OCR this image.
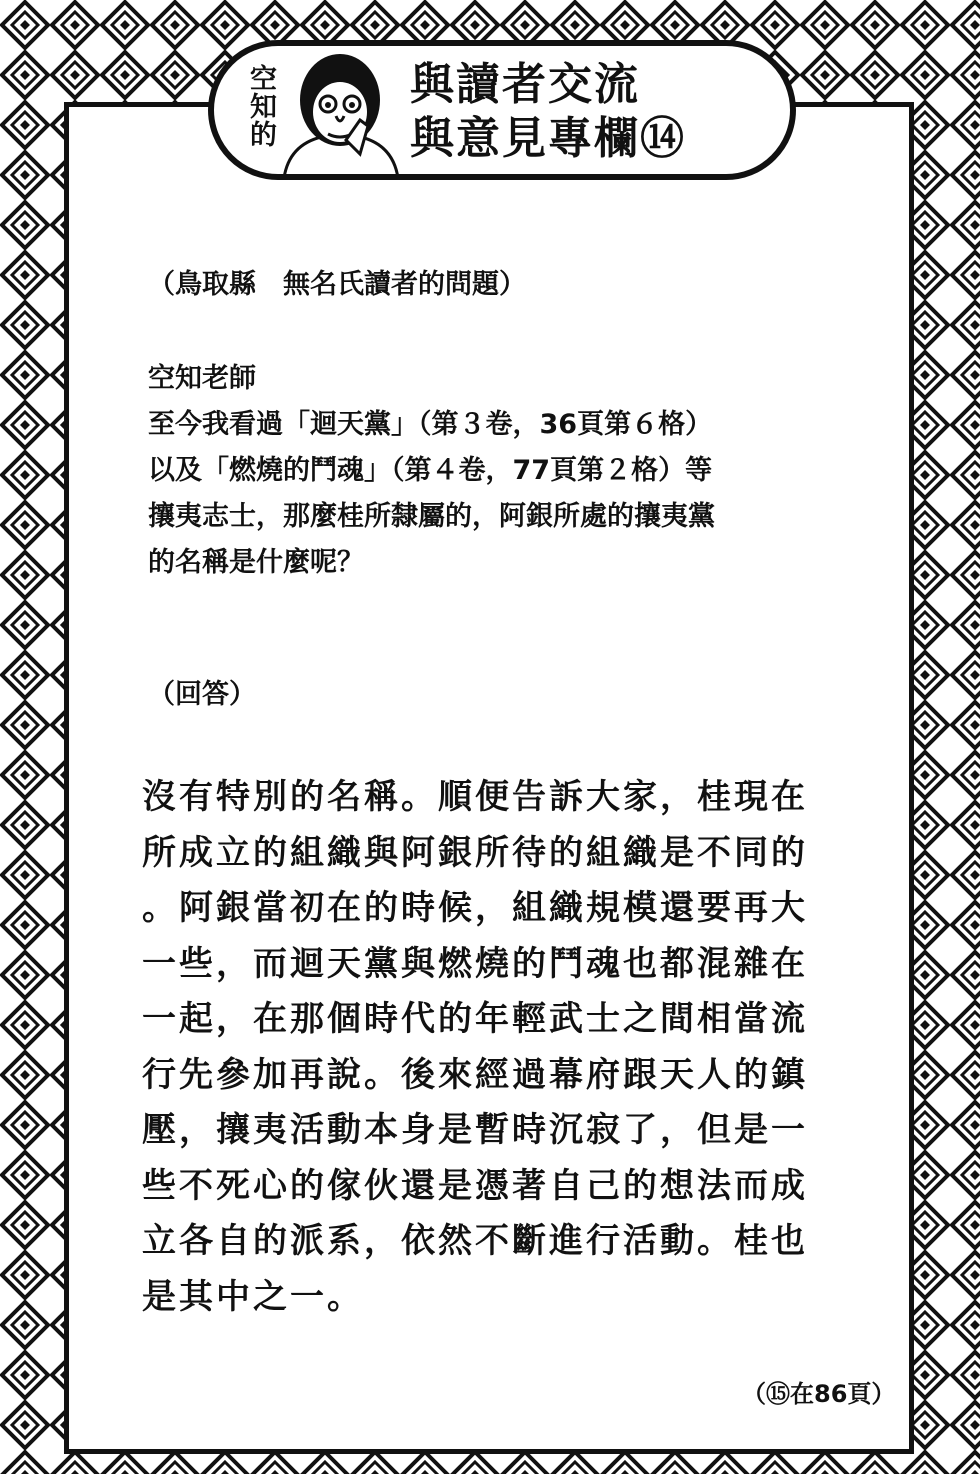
空知的	與讀者交流
與意見專欄⑭
（鳥取縣　無名氏讀者的問題）
空知老師
至今我看過「迴天黨」（第３卷，36頁第６格）
以及「燃燒的鬥魂」（第４卷，77頁第２格）等
攘夷志士，那麼桂所隸屬的，阿銀所處的攘夷黨
的名稱是什麼呢？
（回答）
沒有特別的名稱。順便告訴大家，桂現在
所成立的組織與阿銀所待的組織是不同的
。阿銀當初在的時候，組織規模還要再大
一些，而迴天黨與燃燒的鬥魂也都混雜在
一起，在那個時代的年輕武士之間相當流
行先參加再說。後來經過幕府跟天人的鎮
壓，攘夷活動本身是暫時沉寂了，但是一
些不死心的傢伙還是憑著自己的想法而成
立各自的派系，依然不斷進行活動。桂也
是其中之一。
（⑮在86頁）
